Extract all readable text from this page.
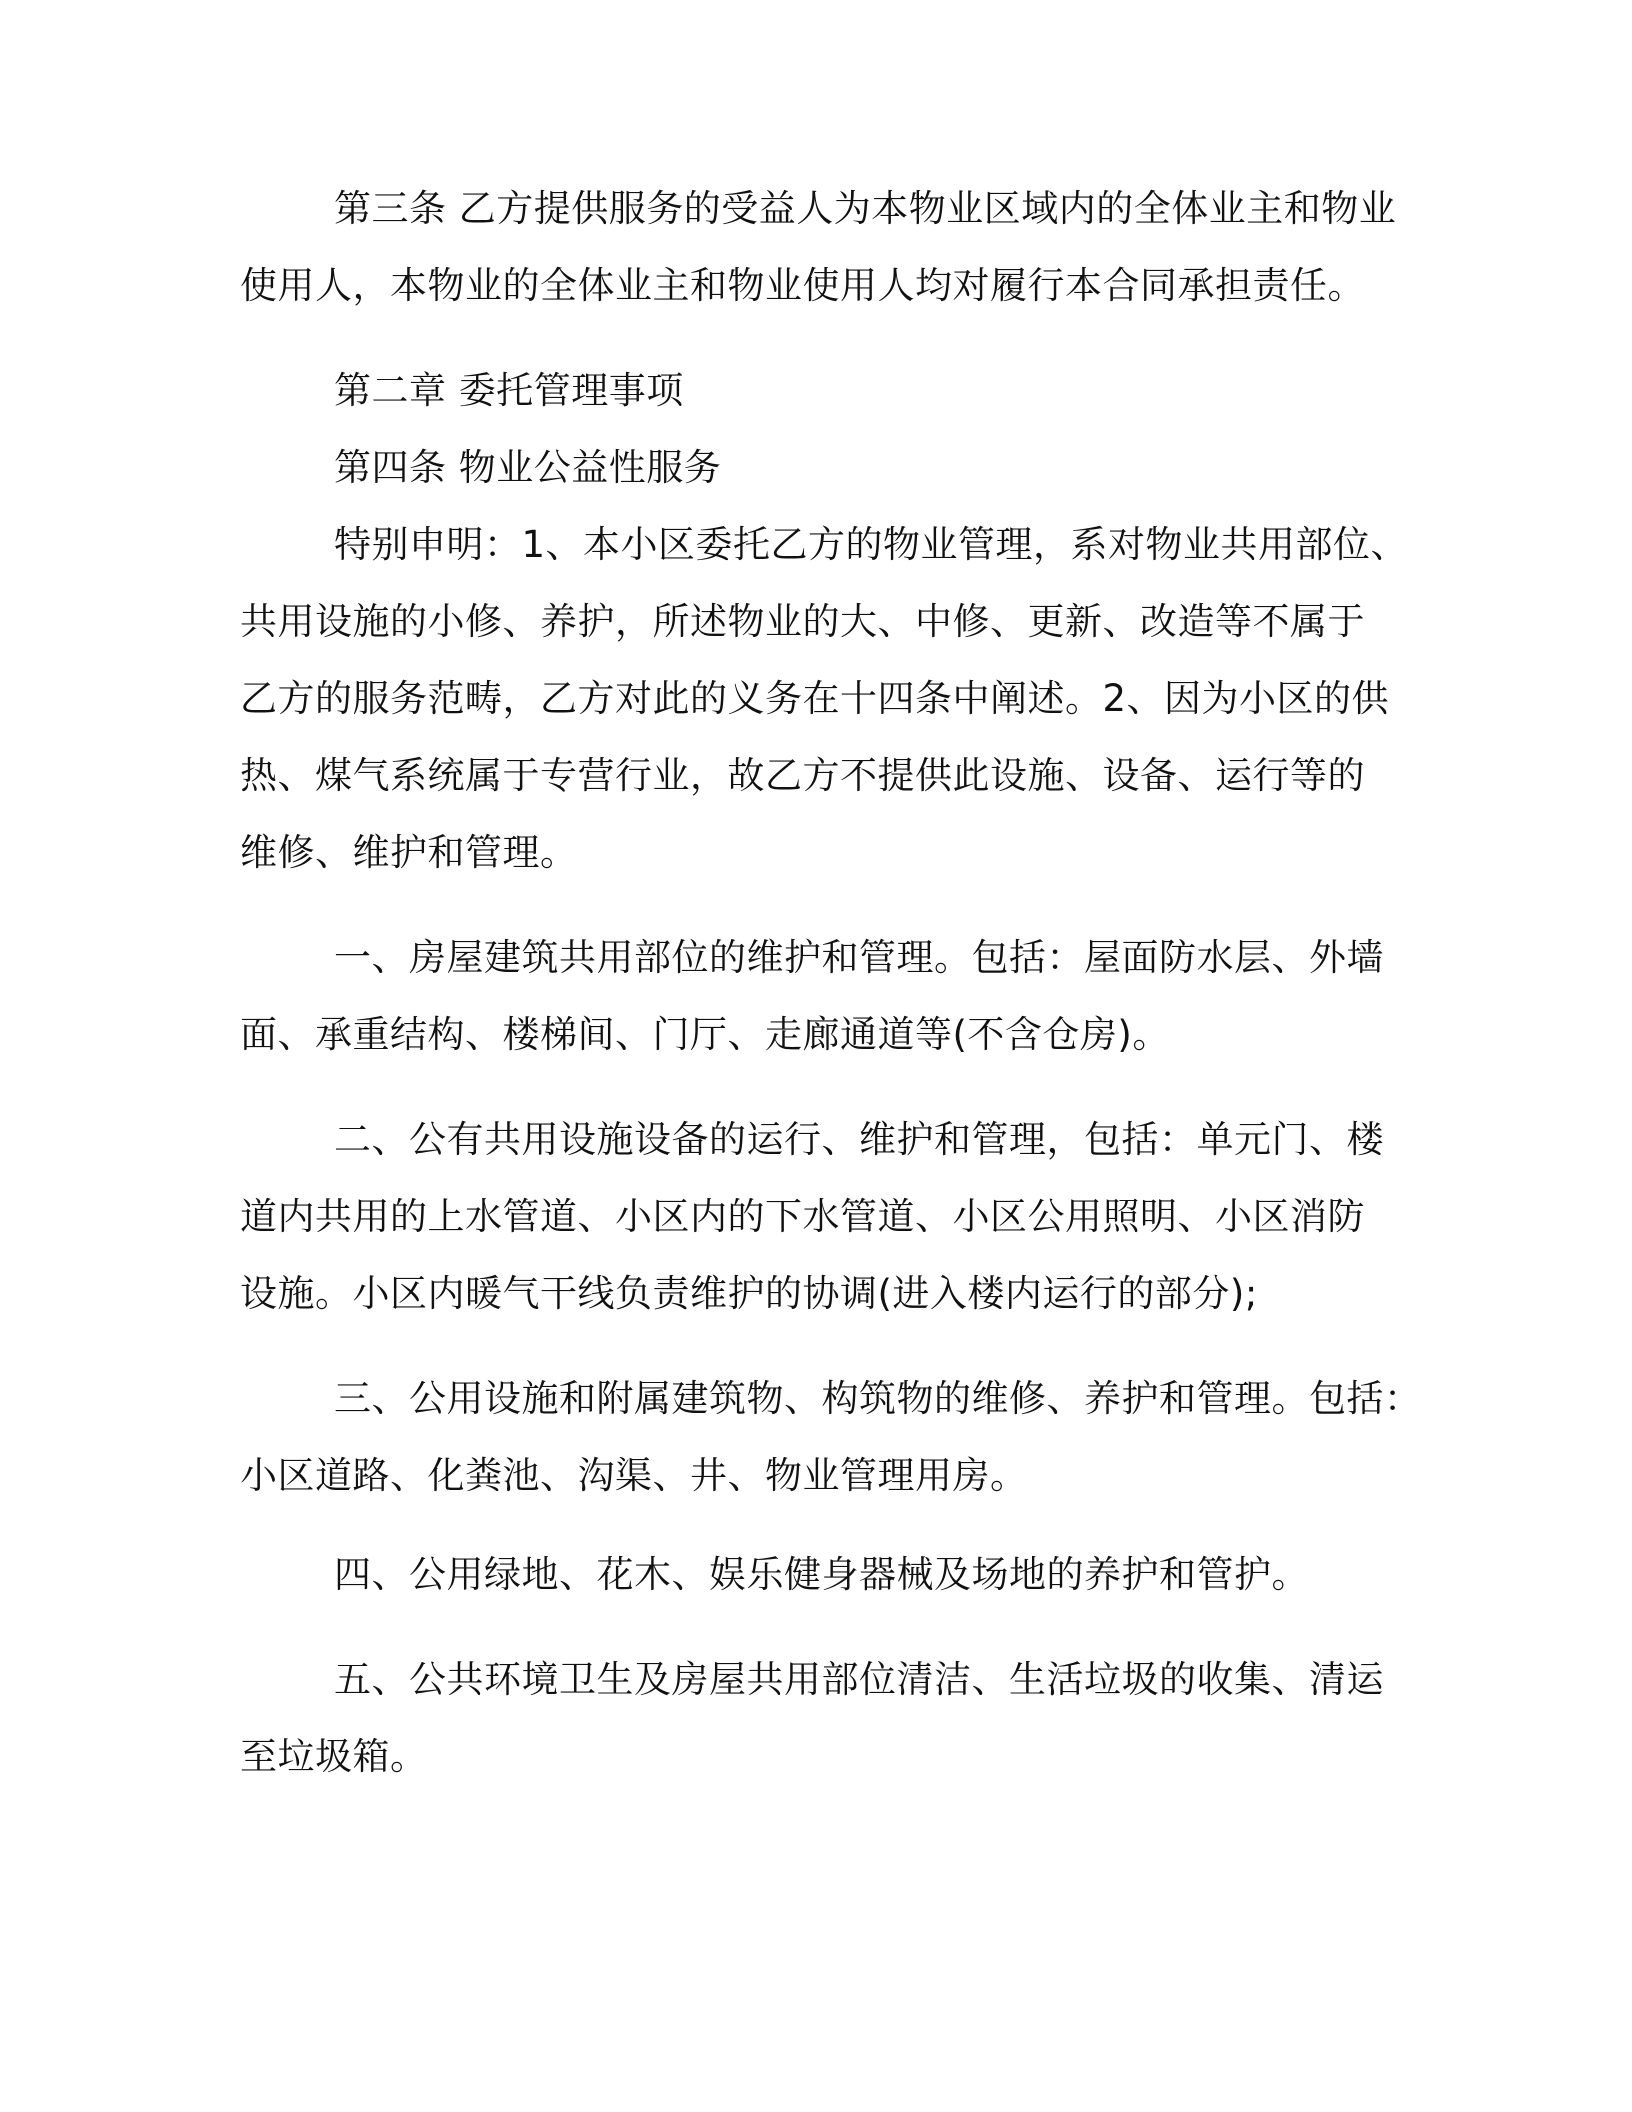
第三条 乙方提供服务的受益人为本物业区域内的全体业主和物业
使用人，本物业的全体业主和物业使用人均对履行本合同承担责任。
第二章 委托管理事项
第四条 物业公益性服务
特别申明：1、本小区委托乙方的物业管理，系对物业共用部位、
共用设施的小修、养护，所述物业的大、中修、更新、改造等不属于
乙方的服务范畴，乙方对此的义务在十四条中阐述。2、因为小区的供
热、煤气系统属于专营行业，故乙方不提供此设施、设备、运行等的
维修、维护和管理。
一、房屋建筑共用部位的维护和管理。包括：屋面防水层、外墙
面、承重结构、楼梯间、门厅、走廊通道等(不含仓房)。
二、公有共用设施设备的运行、维护和管理，包括：单元门、楼
道内共用的上水管道、小区内的下水管道、小区公用照明、小区消防
设施。小区内暖气干线负责维护的协调(进入楼内运行的部分);
三、公用设施和附属建筑物、构筑物的维修、养护和管理。包括：
小区道路、化粪池、沟渠、井、物业管理用房。
四、公用绿地、花木、娱乐健身器械及场地的养护和管护。
五、公共环境卫生及房屋共用部位清洁、生活垃圾的收集、清运
至垃圾箱。
